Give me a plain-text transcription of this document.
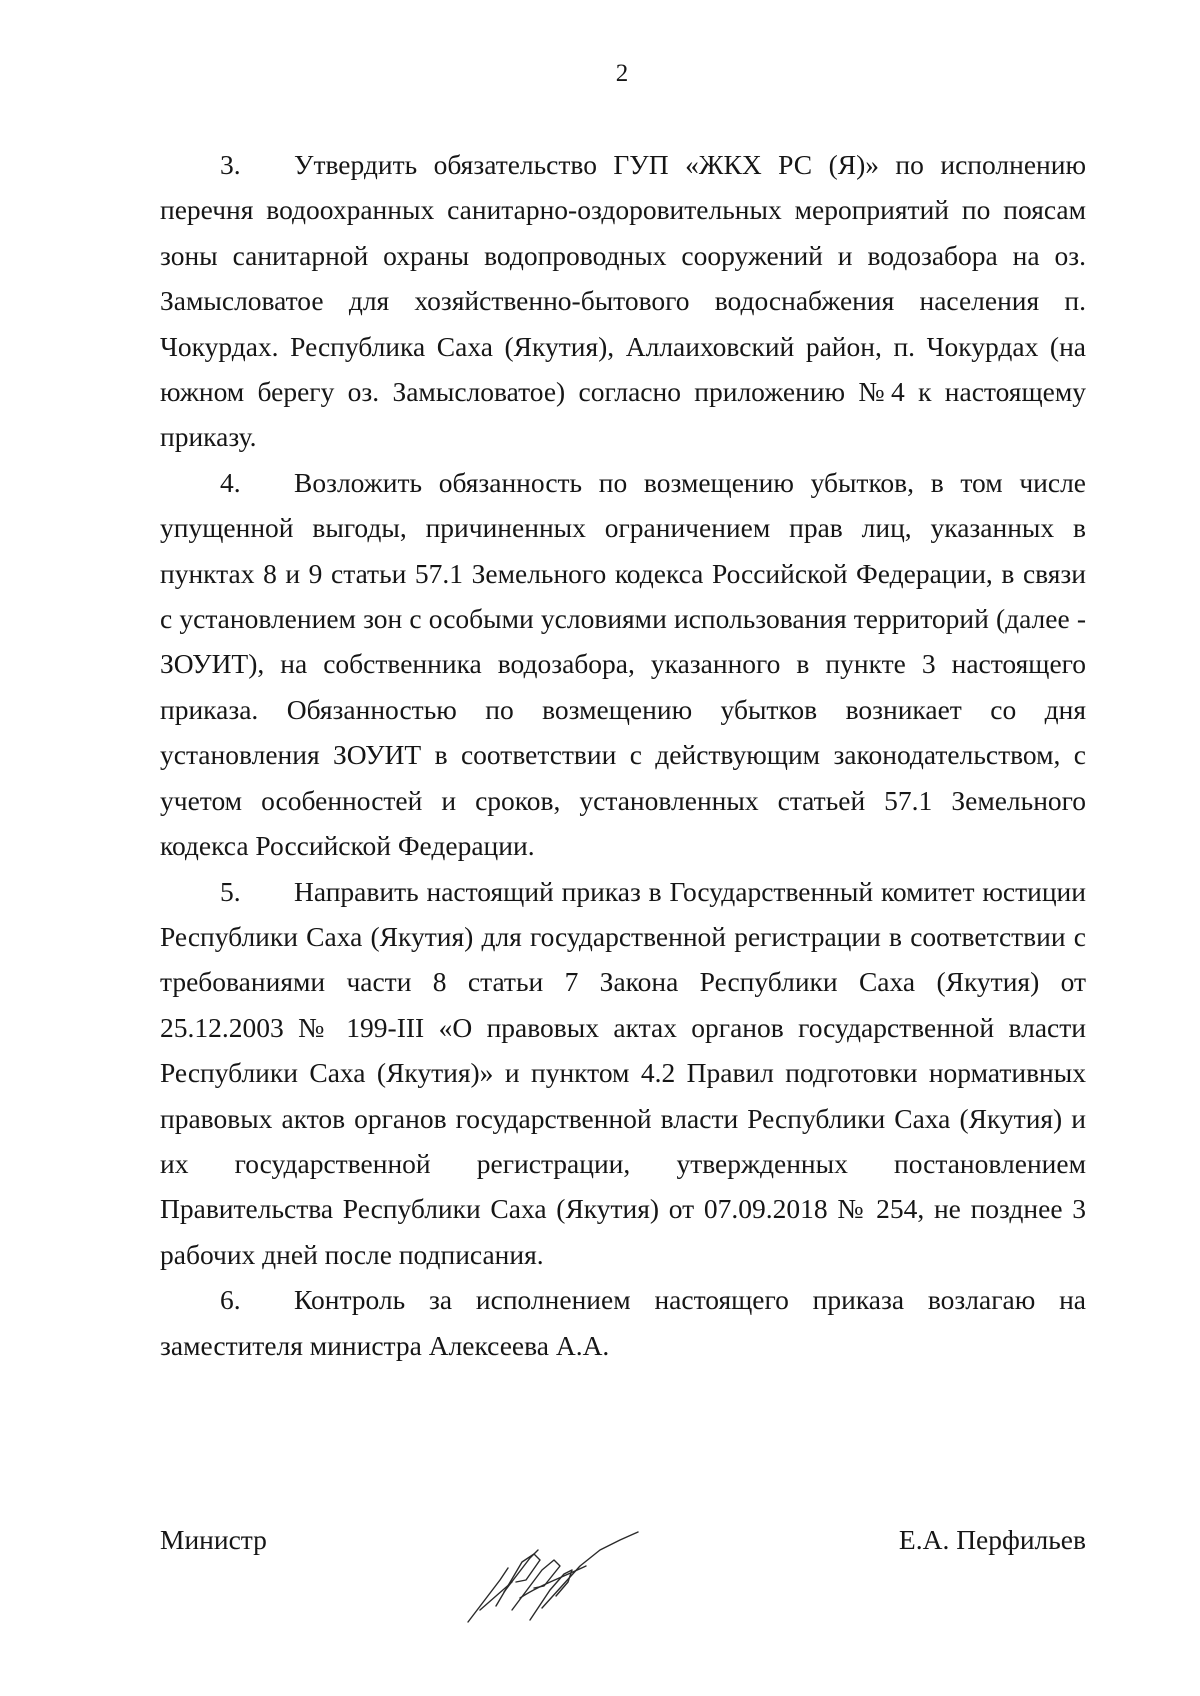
2

3. Утвердить обязательство ГУП «ЖКХ РС (Я)» по исполнению перечня водоохранных санитарно-оздоровительных мероприятий по поясам зоны санитарной охраны водопроводных сооружений и водозабора на оз. Замысловатое для хозяйственно-бытового водоснабжения населения п. Чокурдах. Республика Саха (Якутия), Аллаиховский район, п. Чокурдах (на южном берегу оз. Замысловатое) согласно приложению №4 к настоящему приказу.

4. Возложить обязанность по возмещению убытков, в том числе упущенной выгоды, причиненных ограничением прав лиц, указанных в пунктах 8 и 9 статьи 57.1 Земельного кодекса Российской Федерации, в связи с установлением зон с особыми условиями использования территорий (далее - ЗОУИТ), на собственника водозабора, указанного в пункте 3 настоящего приказа. Обязанностью по возмещению убытков возникает со дня установления ЗОУИТ в соответствии с действующим законодательством, с учетом особенностей и сроков, установленных статьей 57.1 Земельного кодекса Российской Федерации.

5. Направить настоящий приказ в Государственный комитет юстиции Республики Саха (Якутия) для государственной регистрации в соответствии с требованиями части 8 статьи 7 Закона Республики Саха (Якутия) от 25.12.2003 № 199-III «О правовых актах органов государственной власти Республики Саха (Якутия)» и пунктом 4.2 Правил подготовки нормативных правовых актов органов государственной власти Республики Саха (Якутия) и их государственной регистрации, утвержденных постановлением Правительства Республики Саха (Якутия) от 07.09.2018 № 254, не позднее 3 рабочих дней после подписания.

6. Контроль за исполнением настоящего приказа возлагаю на заместителя министра Алексеева А.А.

Министр	Е.А. Перфильев
